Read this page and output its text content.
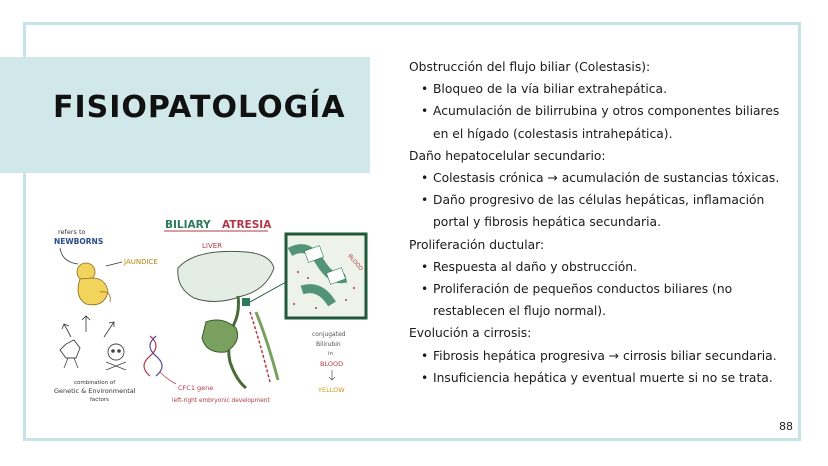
FISIOPATOLOGÍA
Obstrucción del flujo biliar (Colestasis):
• Bloqueo de la vía biliar extrahepática.
• Acumulación de bilirrubina y otros componentes biliares en el hígado (colestasis intrahepática).
Daño hepatocelular secundario:
• Colestasis crónica → acumulación de sustancias tóxicas.
• Daño progresivo de las células hepáticas, inflamación portal y fibrosis hepática secundaria.
Proliferación ductular:
• Respuesta al daño y obstrucción.
• Proliferación de pequeños conductos biliares (no restablecen el flujo normal).
Evolución a cirrosis:
• Fibrosis hepática progresiva → cirrosis biliar secundaria.
• Insuficiencia hepática y eventual muerte si no se trata.
88
BILIARY ATRESIA
refers to
NEWBORNS
JAUNDICE
combination of
Genetic & Environmental
factors
LIVER
BLOOD
conjugated
Bilirubin
in
BLOOD
YELLOW
CFC1 gene
left-right embryonic development
